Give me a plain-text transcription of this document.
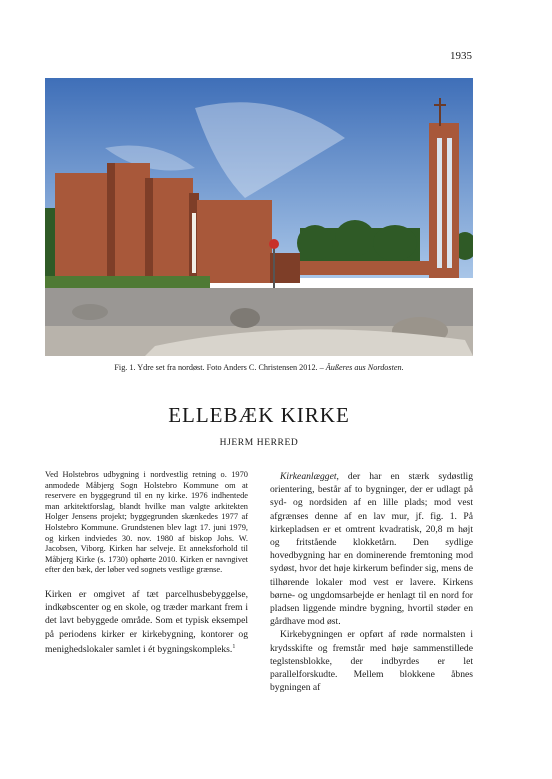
1935
Fig. 1. Ydre set fra nordøst. Foto Anders C. Christensen 2012. – Äußeres aus Nordosten.
ELLEBÆK KIRKE
HJERM HERRED

Ved Holstebros udbygning i nordvestlig retning o. 1970 anmodede Måbjerg Sogn Holstebro Kommune om at reservere en byggegrund til en ny kirke. 1976 indhentede man arkitektforslag, blandt hvilke man valgte arkitekten Holger Jensens projekt; byggegrunden skænkedes 1977 af Holstebro Kommune. Grundstenen blev lagt 17. juni 1979, og kirken indviedes 30. nov. 1980 af biskop Johs. W. Jacobsen, Viborg. Kirken har selveje. Et anneksforhold til Måbjerg Kirke (s. 1730) ophørte 2010. Kirken er navngivet efter den bæk, der løber ved sognets vestlige grænse.

Kirken er omgivet af tæt parcelhusbebyggelse, indkøbscenter og en skole, og træder markant frem i det lavt bebyggede område. Som et typisk eksempel på periodens kirker er kirkebygning, kontorer og menighedslokaler samlet i ét bygningskompleks.$^1$

Kirkeanlægget, der har en stærk sydøstlig orientering, består af to bygninger, der er udlagt på syd- og nordsiden af en lille plads; mod vest afgrænses denne af en lav mur, jf. fig. 1. På kirkepladsen er et omtrent kvadratisk, 20,8 m højt og fritstående klokketårn. Den sydlige hovedbygning har en dominerende fremtoning mod sydøst, hvor det høje kirkerum befinder sig, mens de tilhørende lokaler mod vest er lavere. Kirkens børne- og ungdomsarbejde er henlagt til en nord for pladsen liggende mindre bygning, hvortil støder en gårdhave mod øst.

Kirkebygningen er opført af røde normalsten i krydsskifte og fremstår med høje sammenstillede teglstensblokke, der indbyrdes er let parallelforskudte. Mellem blokkene åbnes bygningen af
